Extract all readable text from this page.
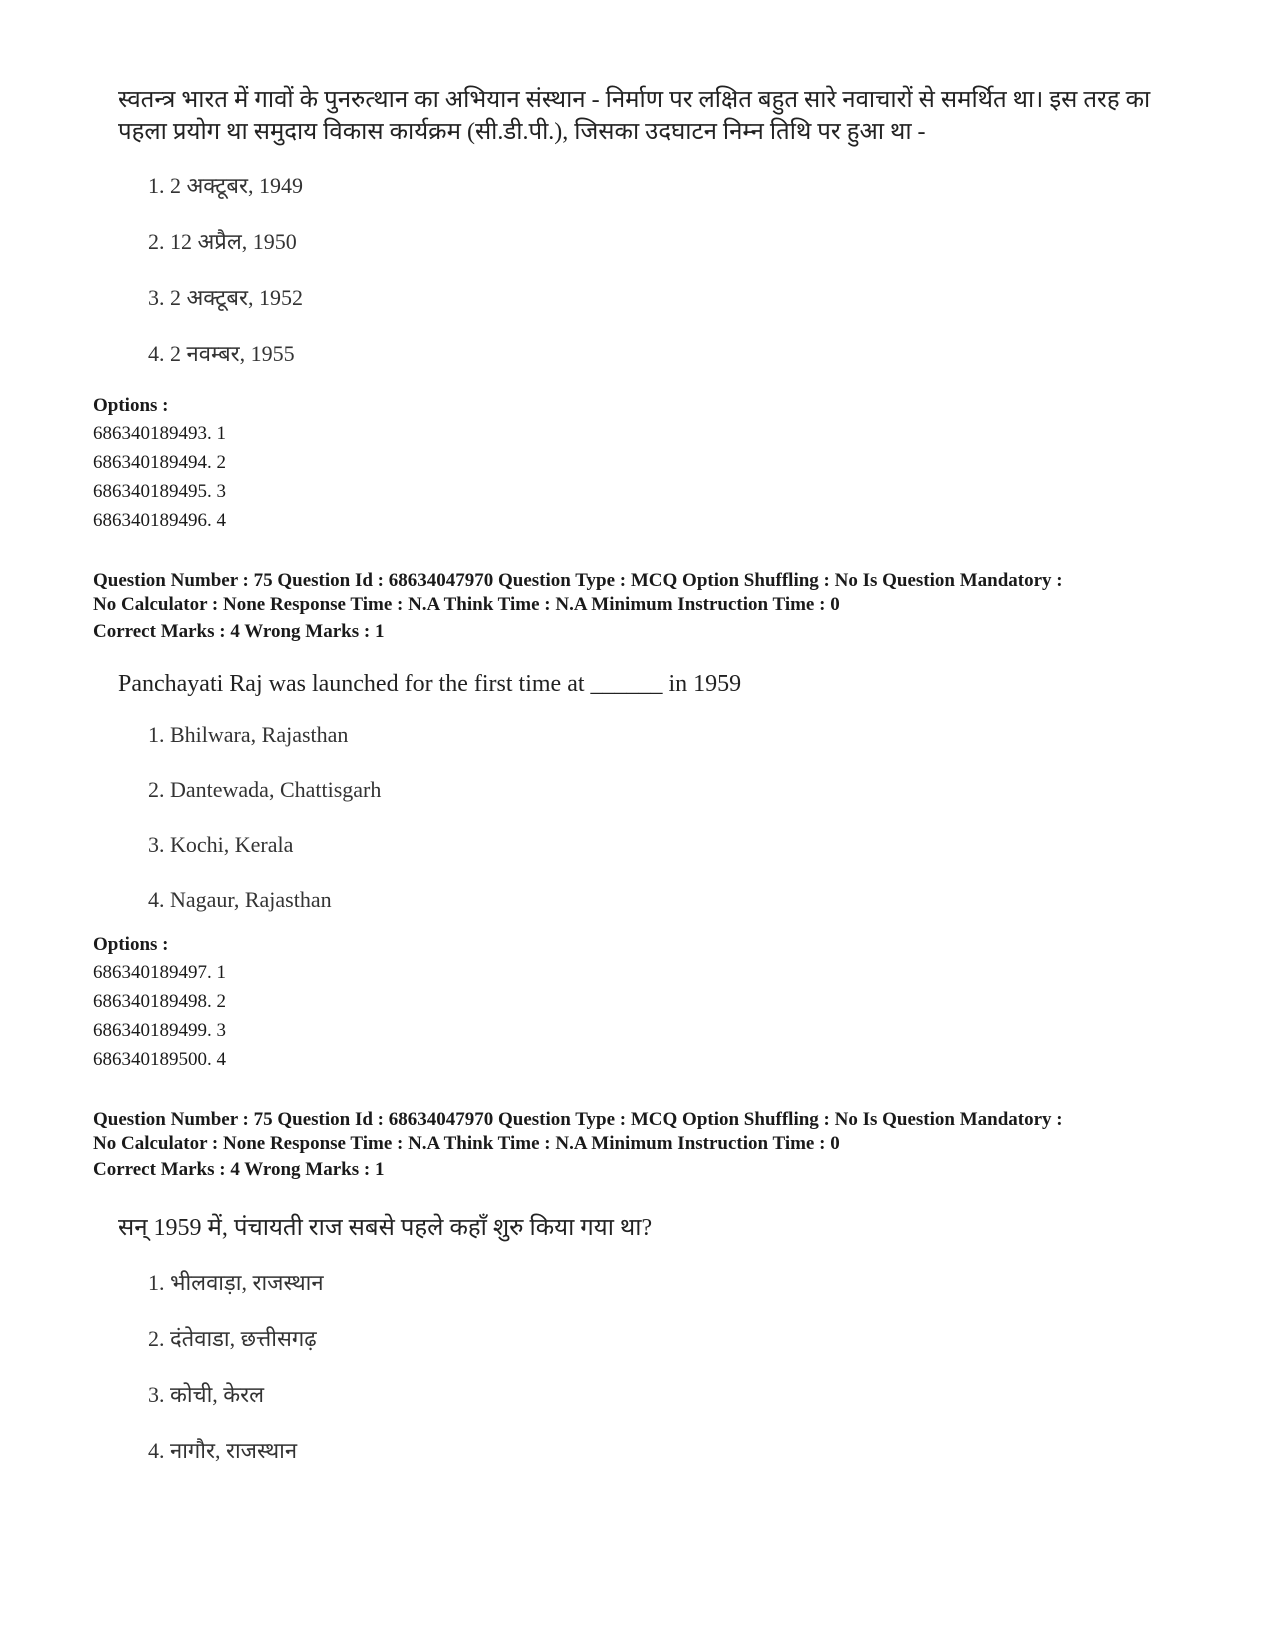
स्वतन्त्र भारत में गावों के पुनरुत्थान का अभियान संस्थान - निर्माण पर लक्षित बहुत सारे नवाचारों से समर्थित था। इस तरह का पहला प्रयोग था समुदाय विकास कार्यक्रम (सी.डी.पी.), जिसका उदघाटन निम्न तिथि पर हुआ था -
1. 2 अक्टूबर, 1949
2. 12 अप्रैल, 1950
3. 2 अक्टूबर, 1952
4. 2 नवम्बर, 1955
Options :
686340189493. 1
686340189494. 2
686340189495. 3
686340189496. 4
Question Number : 75 Question Id : 68634047970 Question Type : MCQ Option Shuffling : No Is Question Mandatory :
No Calculator : None Response Time : N.A Think Time : N.A Minimum Instruction Time : 0
Correct Marks : 4 Wrong Marks : 1
Panchayati Raj was launched for the first time at ______ in 1959
1. Bhilwara, Rajasthan
2. Dantewada, Chattisgarh
3. Kochi, Kerala
4. Nagaur, Rajasthan
Options :
686340189497. 1
686340189498. 2
686340189499. 3
686340189500. 4
Question Number : 75 Question Id : 68634047970 Question Type : MCQ Option Shuffling : No Is Question Mandatory :
No Calculator : None Response Time : N.A Think Time : N.A Minimum Instruction Time : 0
Correct Marks : 4 Wrong Marks : 1
सन् 1959 में, पंचायती राज सबसे पहले कहाँ शुरु किया गया था?
1. भीलवाड़ा, राजस्थान
2. दंतेवाडा, छत्तीसगढ़
3. कोची, केरल
4. नागौर, राजस्थान
